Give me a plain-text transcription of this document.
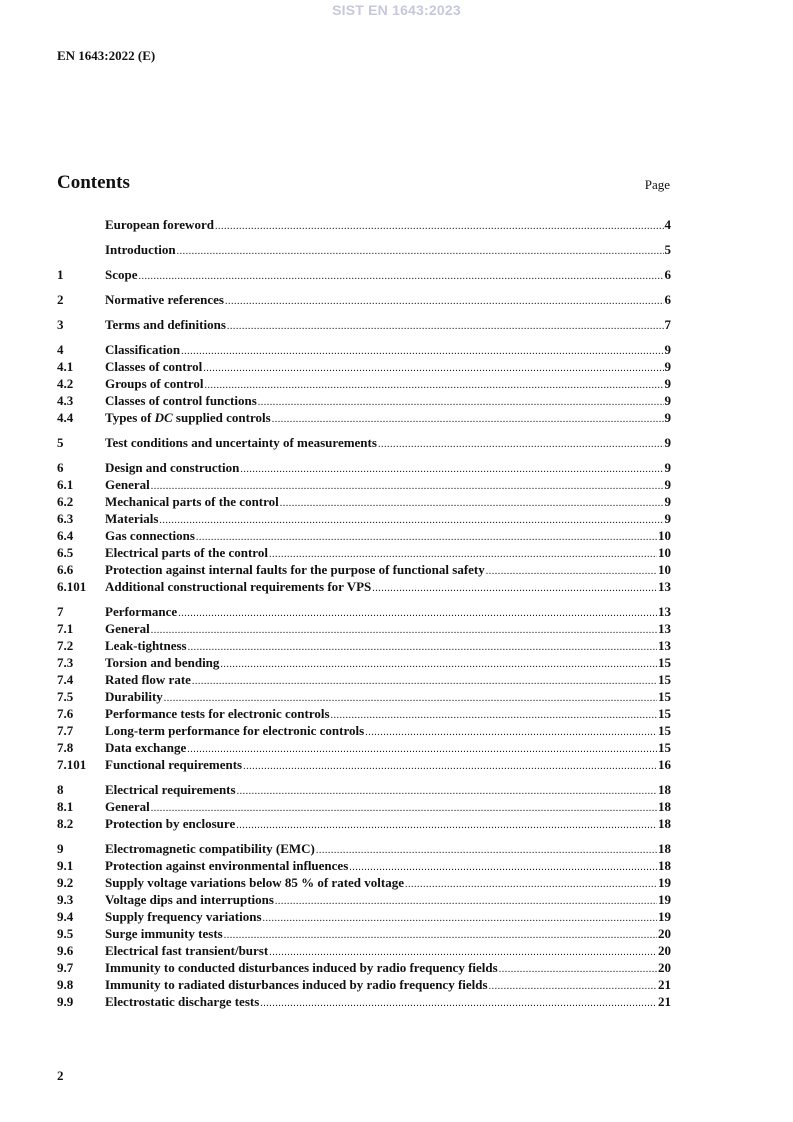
SIST EN 1643:2023
EN 1643:2022 (E)
Contents	Page
European foreword .....	4
Introduction .....	5
1	Scope .....	6
2	Normative references .....	6
3	Terms and definitions .....	7
4	Classification .....	9
4.1	Classes of control .....	9
4.2	Groups of control .....	9
4.3	Classes of control functions .....	9
4.4	Types of DC supplied controls .....	9
5	Test conditions and uncertainty of measurements .....	9
6	Design and construction .....	9
6.1	General .....	9
6.2	Mechanical parts of the control .....	9
6.3	Materials .....	9
6.4	Gas connections .....	10
6.5	Electrical parts of the control .....	10
6.6	Protection against internal faults for the purpose of functional safety .....	10
6.101	Additional constructional requirements for VPS .....	13
7	Performance .....	13
7.1	General .....	13
7.2	Leak-tightness .....	13
7.3	Torsion and bending .....	15
7.4	Rated flow rate .....	15
7.5	Durability .....	15
7.6	Performance tests for electronic controls .....	15
7.7	Long-term performance for electronic controls .....	15
7.8	Data exchange .....	15
7.101	Functional requirements .....	16
8	Electrical requirements .....	18
8.1	General .....	18
8.2	Protection by enclosure .....	18
9	Electromagnetic compatibility (EMC) .....	18
9.1	Protection against environmental influences .....	18
9.2	Supply voltage variations below 85 % of rated voltage .....	19
9.3	Voltage dips and interruptions .....	19
9.4	Supply frequency variations .....	19
9.5	Surge immunity tests .....	20
9.6	Electrical fast transient/burst .....	20
9.7	Immunity to conducted disturbances induced by radio frequency fields .....	20
9.8	Immunity to radiated disturbances induced by radio frequency fields .....	21
9.9	Electrostatic discharge tests .....	21
2
